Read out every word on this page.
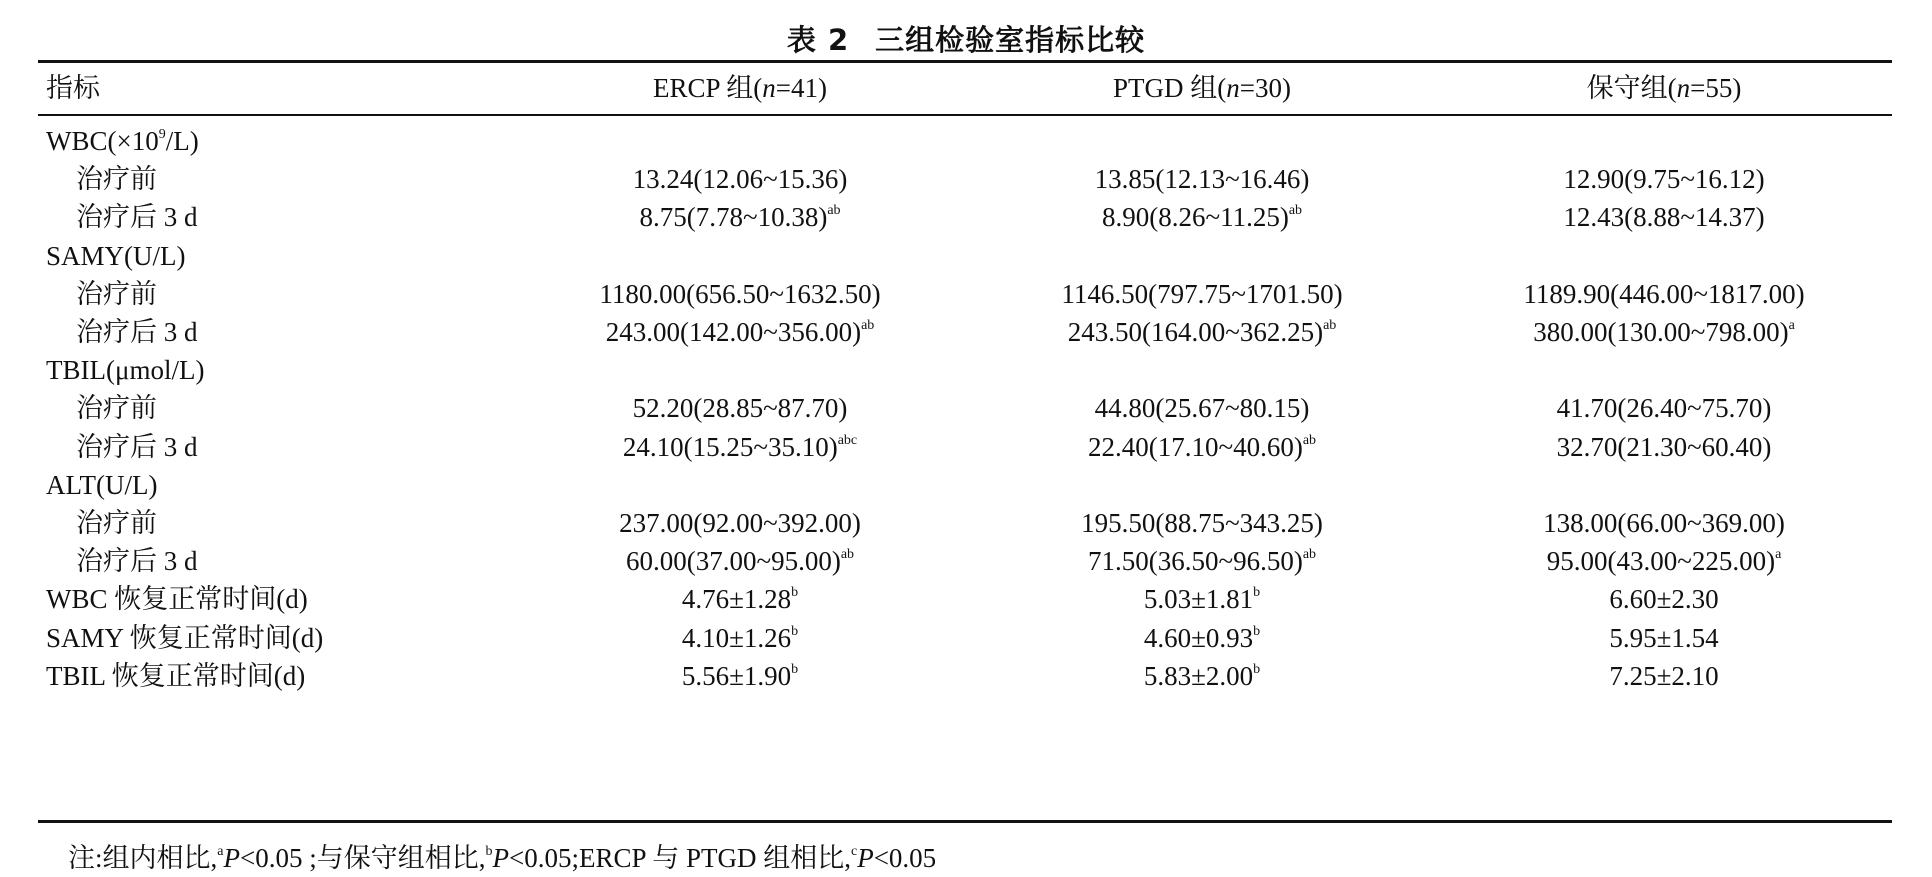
表 2 三组检验室指标比较
指标	ERCP 组(n=41)	PTGD 组(n=30)	保守组(n=55)
$WBC(\times 10^9/L)$
治疗前	13.24(12.06~15.36)	13.85(12.13~16.46)	12.90(9.75~16.12)
治疗后 3 d	8.75(7.78~10.38)$^{ab}$	8.90(8.26~11.25)$^{ab}$	12.43(8.88~14.37)
SAMY(U/L)
治疗前	1180.00(656.50~1632.50)	1146.50(797.75~1701.50)	1189.90(446.00~1817.00)
治疗后 3 d	243.00(142.00~356.00)$^{ab}$	243.50(164.00~362.25)$^{ab}$	380.00(130.00~798.00)$^a$
TBIL(μmol/L)
治疗前	52.20(28.85~87.70)	44.80(25.67~80.15)	41.70(26.40~75.70)
治疗后 3 d	24.10(15.25~35.10)$^{abc}$	22.40(17.10~40.60)$^{ab}$	32.70(21.30~60.40)
ALT(U/L)
治疗前	237.00(92.00~392.00)	195.50(88.75~343.25)	138.00(66.00~369.00)
治疗后 3 d	60.00(37.00~95.00)$^{ab}$	71.50(36.50~96.50)$^{ab}$	95.00(43.00~225.00)$^a$
WBC 恢复正常时间(d)	4.76±1.28$^b$	5.03±1.81$^b$	6.60±2.30
SAMY 恢复正常时间(d)	4.10±1.26$^b$	4.60±0.93$^b$	5.95±1.54
TBIL 恢复正常时间(d)	5.56±1.90$^b$	5.83±2.00$^b$	7.25±2.10
注:组内相比,$^a$P<0.05 ;与保守组相比,$^b$P<0.05;ERCP 与 PTGD 组相比,$^c$P<0.05
